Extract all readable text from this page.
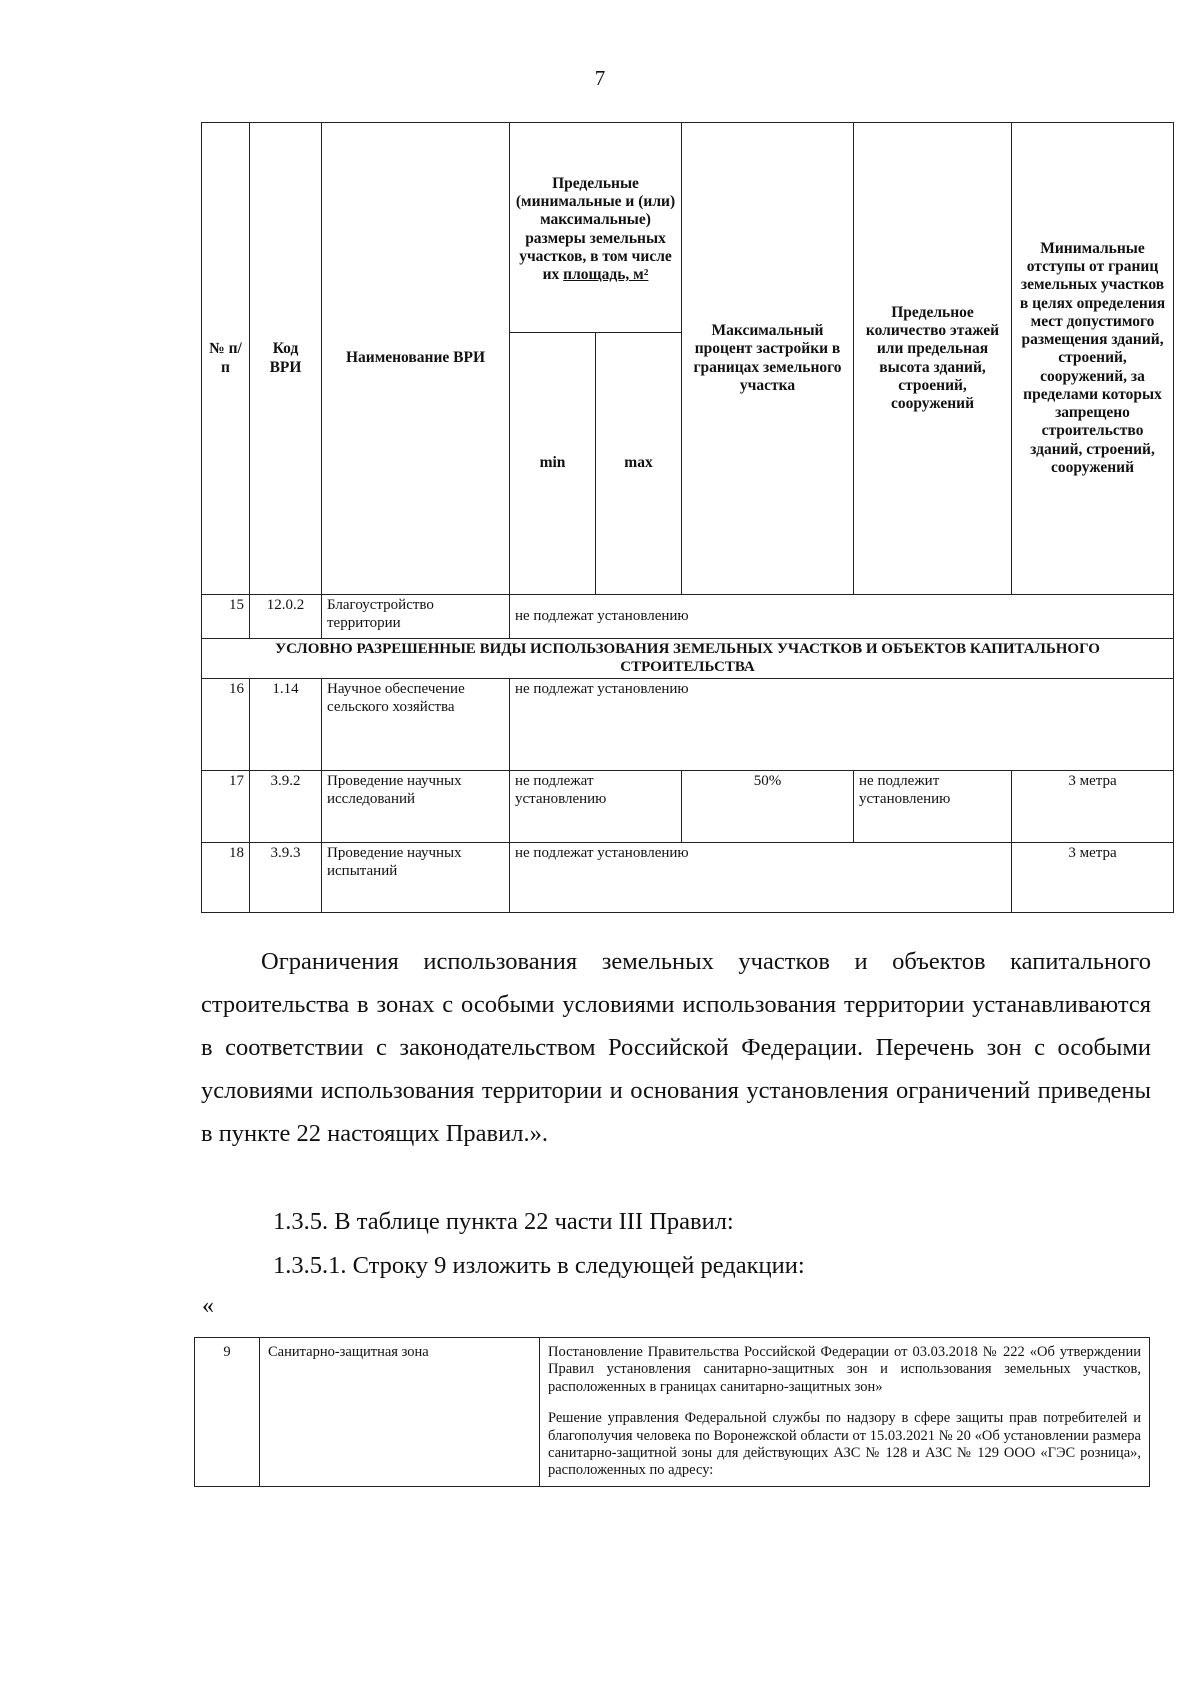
7
№ п/п	Код ВРИ	Наименование ВРИ	Предельные (минимальные и (или) максимальные) размеры земельных участков, в том числе их площадь, м²		Максимальный процент застройки в границах земельного участка	Предельное количество этажей или предельная высота зданий, строений, сооружений	Минимальные отступы от границ земельных участков в целях определения мест допустимого размещения зданий, строений, сооружений, за пределами которых запрещено строительство зданий, строений, сооружений
			min	max			
15	12.0.2	Благоустройство территории	не подлежат установлению				
УСЛОВНО РАЗРЕШЕННЫЕ ВИДЫ ИСПОЛЬЗОВАНИЯ ЗЕМЕЛЬНЫХ УЧАСТКОВ И ОБЪЕКТОВ КАПИТАЛЬНОГО СТРОИТЕЛЬСТВА							
16	1.14	Научное обеспечение сельского хозяйства	не подлежат установлению				
17	3.9.2	Проведение научных исследований	не подлежат установлению		50%	не подлежит установлению	3 метра
18	3.9.3	Проведение научных испытаний	не подлежат установлению				3 метра
Ограничения использования земельных участков и объектов капитального строительства в зонах с особыми условиями использования территории устанавливаются в соответствии с законодательством Российской Федерации. Перечень зон с особыми условиями использования территории и основания установления ограничений приведены в пункте 22 настоящих Правил.».
1.3.5. В таблице пункта 22 части III Правил:
1.3.5.1. Строку 9 изложить в следующей редакции:
«
9	Санитарно-защитная зона	Постановление Правительства Российской Федерации от 03.03.2018 № 222 «Об утверждении Правил установления санитарно-защитных зон и использования земельных участков, расположенных в границах санитарно-защитных зон»
Решение управления Федеральной службы по надзору в сфере защиты прав потребителей и благополучия человека по Воронежской области от 15.03.2021 № 20 «Об установлении размера санитарно-защитной зоны для действующих АЗС № 128 и АЗС № 129 ООО «ГЭС розница», расположенных по адресу:
